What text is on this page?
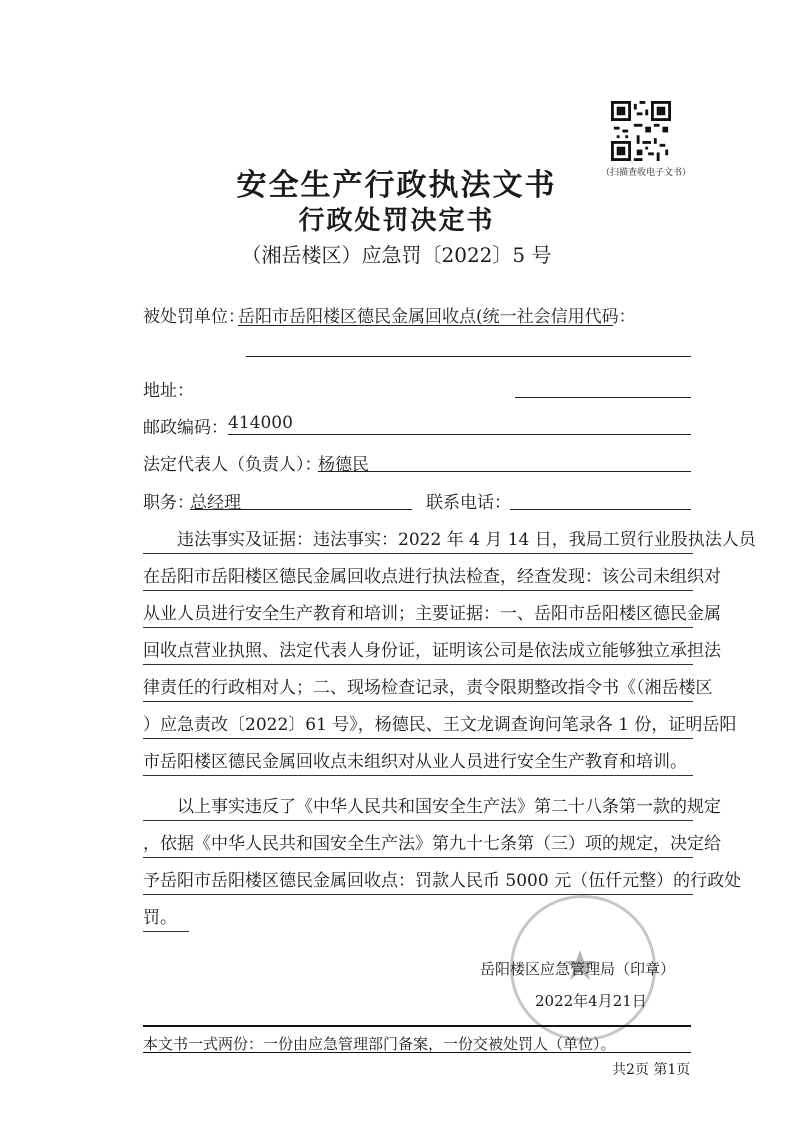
（扫描查收电子文书）
安全生产行政执法文书
行政处罚决定书
（湘岳楼区）应急罚〔2022〕5 号
被处罚单位：
岳阳市岳阳楼区德民金属回收点(统一社会信用代码：
地址：
邮政编码： 414000
法定代表人（负责人）：
杨德民
职务：
总经理	联系电话：
违法事实及证据：违法事实：2022 年 4 月 14 日，我局工贸行业股执法人员
在岳阳市岳阳楼区德民金属回收点进行执法检查，经查发现：该公司未组织对
从业人员进行安全生产教育和培训；主要证据：一、岳阳市岳阳楼区德民金属
回收点营业执照、法定代表人身份证，证明该公司是依法成立能够独立承担法
律责任的行政相对人；二、现场检查记录，责令限期整改指令书《（湘岳楼区
）应急责改〔2022〕61 号》，杨德民、王文龙调查询问笔录各 1 份，证明岳阳
市岳阳楼区德民金属回收点未组织对从业人员进行安全生产教育和培训。
以上事实违反了《中华人民共和国安全生产法》第二十八条第一款的规定
，依据《中华人民共和国安全生产法》第九十七条第（三）项的规定，决定给
予岳阳市岳阳楼区德民金属回收点：罚款人民币 5000 元（伍仟元整）的行政处
罚。
岳阳楼区应急管理局（印章）
2022年4月21日
本文书一式两份：一份由应急管理部门备案，一份交被处罚人（单位）。
共2页 第1页
